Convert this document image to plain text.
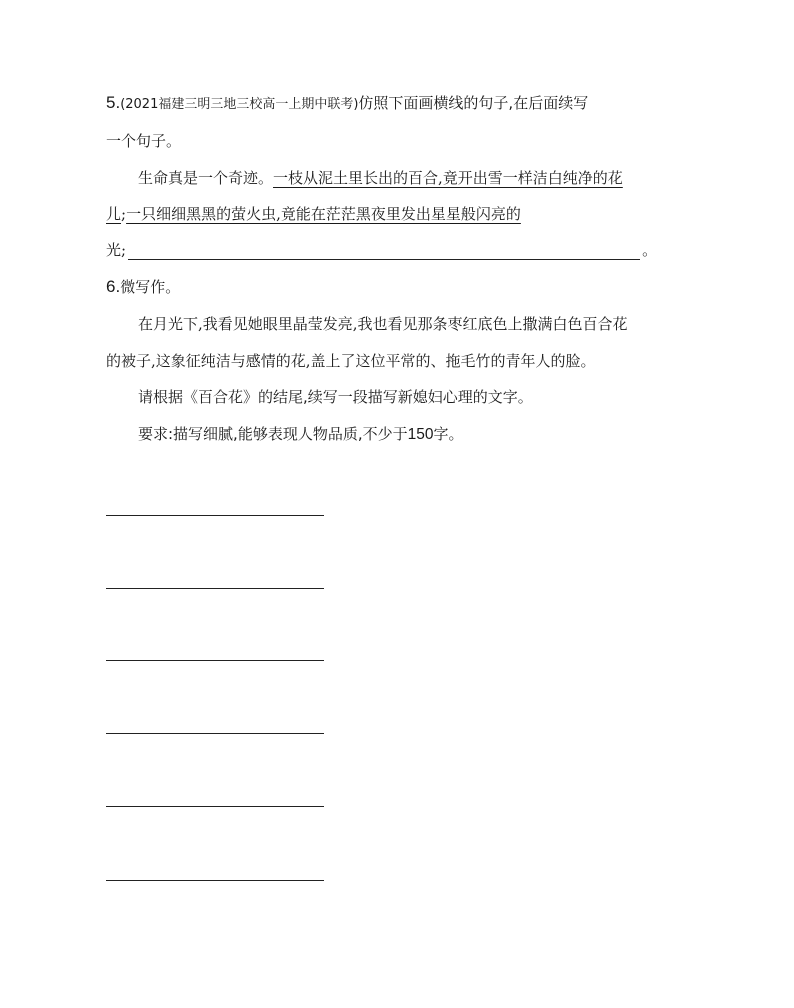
5.(2021福建三明三地三校高一上期中联考)仿照下面画横线的句子,在后面续写
一个句子。
生命真是一个奇迹。一枝从泥土里长出的百合,竟开出雪一样洁白纯净的花
儿;一只细细黑黑的萤火虫,竟能在茫茫黑夜里发出星星般闪亮的
光;	。
6.微写作。
在月光下,我看见她眼里晶莹发亮,我也看见那条枣红底色上撒满白色百合花
的被子,这象征纯洁与感情的花,盖上了这位平常的、拖毛竹的青年人的脸。
请根据《百合花》的结尾,续写一段描写新媳妇心理的文字。
要求:描写细腻,能够表现人物品质,不少于150字。
